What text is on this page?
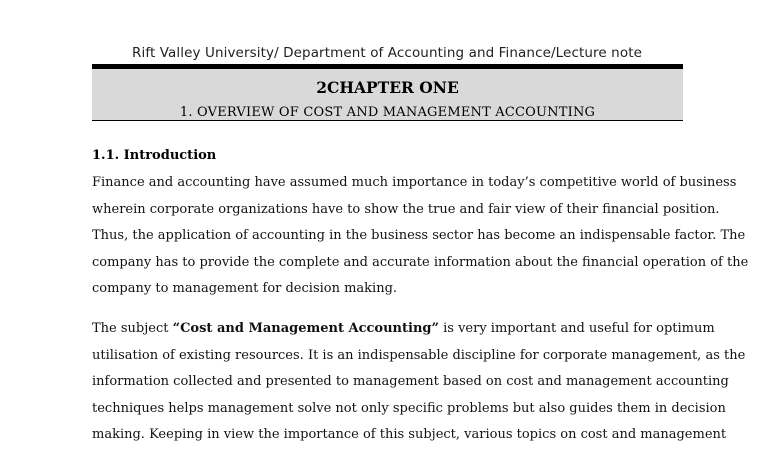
Rift Valley University/ Department of Accounting and Finance/Lecture note
2CHAPTER ONE
1. OVERVIEW OF COST AND MANAGEMENT ACCOUNTING
1.1. Introduction
Finance and accounting have assumed much importance in today’s competitive world of business
wherein corporate organizations have to show the true and fair view of their financial position.
Thus, the application of accounting in the business sector has become an indispensable factor. The
company has to provide the complete and accurate information about the financial operation of the
company to management for decision making.
The subject “Cost and Management Accounting” is very important and useful for optimum
utilisation of existing resources. It is an indispensable discipline for corporate management, as the
information collected and presented to management based on cost and management accounting
techniques helps management solve not only specific problems but also guides them in decision
making. Keeping in view the importance of this subject, various topics on cost and management
